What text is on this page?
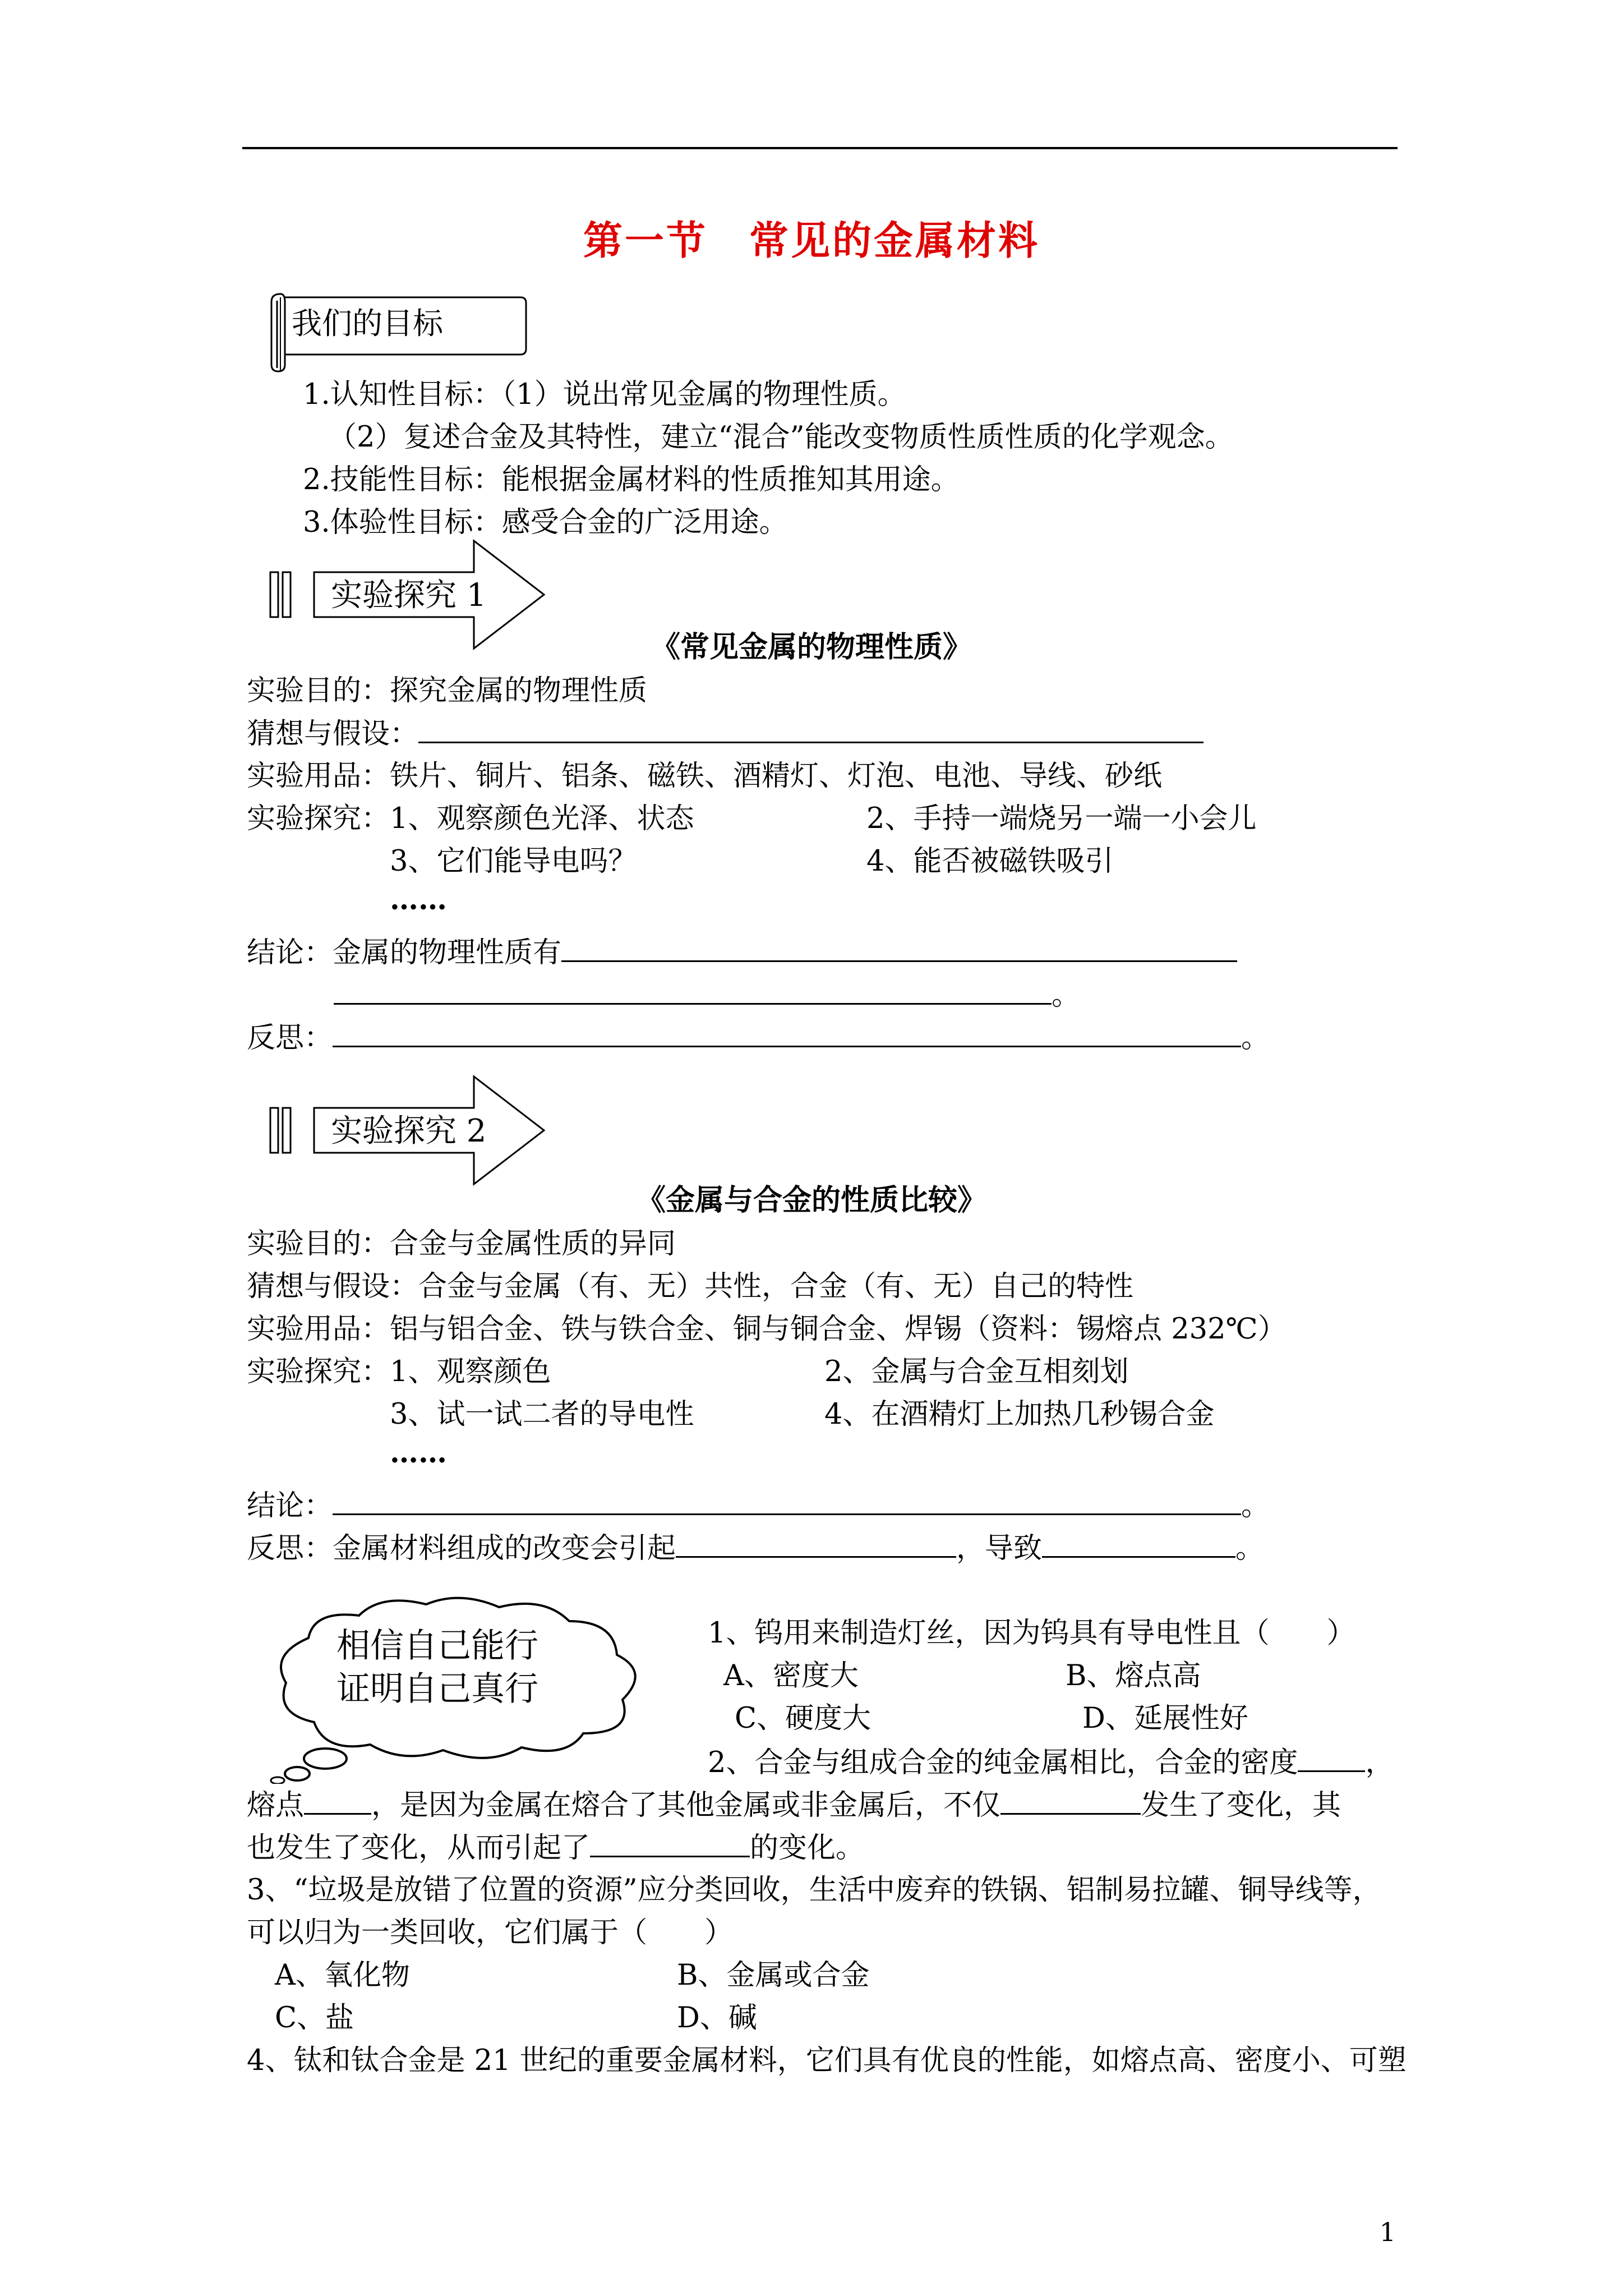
第一节　常见的金属材料
我们的目标
1.认知性目标：（1）说出常见金属的物理性质。
（2）复述合金及其特性，建立“混合”能改变物质性质性质的化学观念。
2.技能性目标：能根据金属材料的性质推知其用途。
3.体验性目标：感受合金的广泛用途。
实验探究 1
《常见金属的物理性质》
实验目的：探究金属的物理性质
猜想与假设：
实验用品：铁片、铜片、铝条、磁铁、酒精灯、灯泡、电池、导线、砂纸
实验探究： 1、观察颜色光泽、状态	2、手持一端烧另一端一小会儿
3、它们能导电吗？	4、能否被磁铁吸引
……
结论：金属的物理性质有
。
反思：	。
实验探究 2
《金属与合金的性质比较》
实验目的：合金与金属性质的异同
猜想与假设：合金与金属（有、无）共性，合金（有、无）自己的特性
实验用品：铝与铝合金、铁与铁合金、铜与铜合金、焊锡（资料：锡熔点 232℃）
实验探究： 1、观察颜色	2、金属与合金互相刻划
3、试一试二者的导电性	4、在酒精灯上加热几秒锡合金
……
结论：	。
反思：金属材料组成的改变会引起	，导致	。
相信自己能行
证明自己真行
1、钨用来制造灯丝，因为钨具有导电性且（　　）
A、密度大	B、熔点高
C、硬度大	D、延展性好
2、合金与组成合金的纯金属相比，合金的密度 ，
熔点 ，是因为金属在熔合了其他金属或非金属后，不仅	发生了变化，其
也发生了变化，从而引起了	的变化。
3、“垃圾是放错了位置的资源”应分类回收，生活中废弃的铁锅、铝制易拉罐、铜导线等，
可以归为一类回收，它们属于（　　）
A、氧化物	B、金属或合金
C、盐	D、碱
4、钛和钛合金是 21 世纪的重要金属材料，它们具有优良的性能，如熔点高、密度小、可塑
1
